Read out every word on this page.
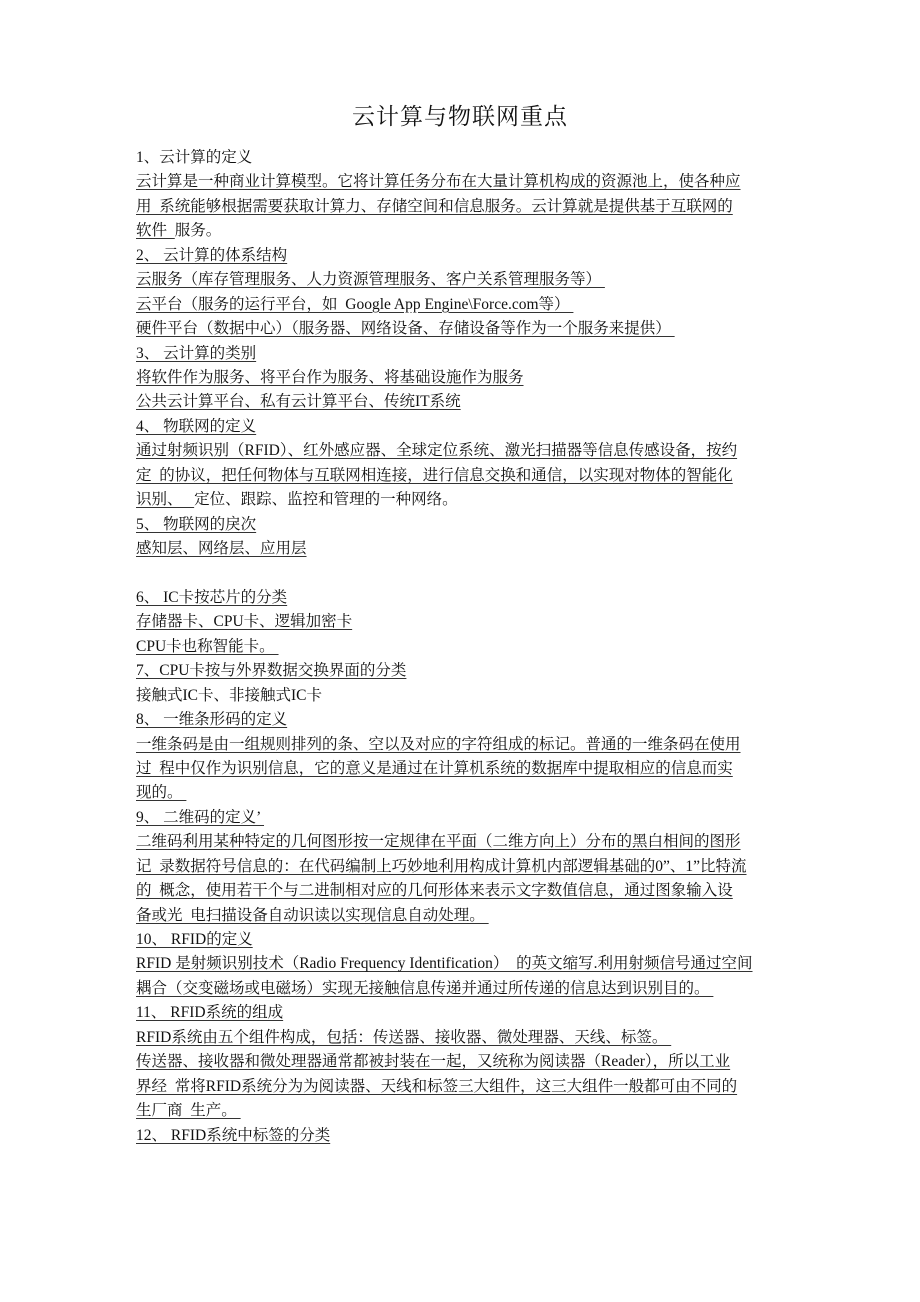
云计算与物联网重点
1、云计算的定义
云计算是一种商业计算模型。它将计算任务分布在大量计算机构成的资源池上，使各种应
用  系统能够根据需要获取计算力、存储空间和信息服务。云计算就是提供基于互联网的
软件  服务。
2、 云计算的体系结构
云服务（库存管理服务、人力资源管理服务、客户关系管理服务等）
云平台（服务的运行平台，如  Google App Engine\Force.com等）
硬件平台（数据中心）（服务器、网络设备、存储设备等作为一个服务来提供）
3、 云计算的类别
将软件作为服务、将平台作为服务、将基础设施作为服务
公共云计算平台、私有云计算平台、传统IT系统
4、 物联网的定义
通过射频识别（RFID）、红外感应器、全球定位系统、激光扫描器等信息传感设备，按约
定  的协议，把任何物体与互联网相连接，进行信息交换和通信，以实现对物体的智能化
识别、   定位、跟踪、监控和管理的一种网络。
5、 物联网的戾次
感知层、网络层、应用层
6、 IC卡按芯片的分类
存储器卡、CPU卡、逻辑加密卡
CPU卡也称智能卡。
7、CPU卡按与外界数据交换界面的分类
接触式IC卡、非接触式IC卡
8、 一维条形码的定义
一维条码是由一组规则排列的条、空以及对应的字符组成的标记。普通的一维条码在使用
过  程中仅作为识别信息，它的意义是通过在计算机系统的数据库中提取相应的信息而实
现的。
9、 二维码的定义’
二维码利用某种特定的几何图形按一定规律在平面（二维方向上）分布的黑白相间的图形
记  录数据符号信息的：在代码编制上巧妙地利用构成计算机内部逻辑基础的0”、1”比特流
的  概念，使用若干个与二进制相对应的几何形体来表示文字数值信息，通过图象输入设
备或光  电扫描设备自动识读以实现信息自动处理。
10、 RFID的定义
RFID 是射频识别技术（Radio Frequency Identification）  的英文缩写.利用射频信号通过空间
耦合（交变磁场或电磁场）实现无接触信息传递并通过所传递的信息达到识别目的。
11、 RFID系统的组成
RFID系统由五个组件构成，包括：传送器、接收器、微处理器、天线、标签。
传送器、接收器和微处理器通常都被封装在一起，又统称为阅读器（Reader），所以工业
界经  常将RFID系统分为为阅读器、天线和标签三大组件，这三大组件一般都可由不同的
生厂商  生产。
12、 RFID系统中标签的分类
